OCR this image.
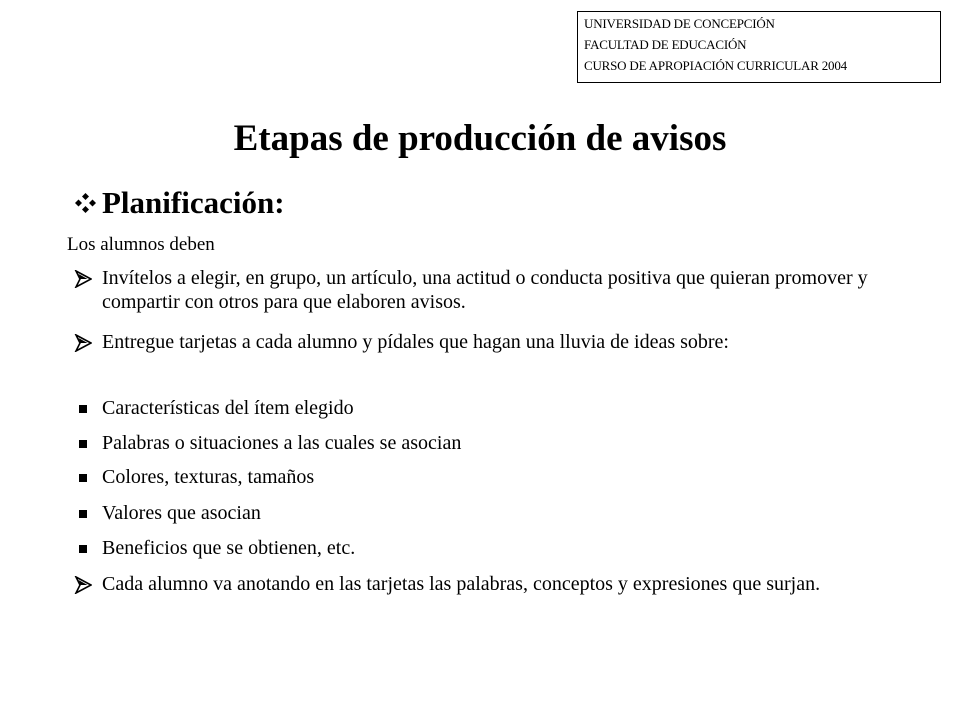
UNIVERSIDAD DE CONCEPCIÓN
FACULTAD DE EDUCACIÓN
CURSO DE APROPIACIÓN CURRICULAR 2004
Etapas de producción de avisos
Planificación:
Los alumnos deben
Invítelos a elegir, en grupo, un artículo, una actitud o conducta positiva que quieran promover y compartir con otros para que elaboren avisos.
Entregue tarjetas a cada alumno y pídales que hagan una lluvia de ideas sobre:
Características del ítem elegido
Palabras o situaciones a las cuales se asocian
Colores, texturas, tamaños
Valores que asocian
Beneficios que se obtienen, etc.
Cada alumno va anotando en las tarjetas las palabras, conceptos y expresiones que surjan.
